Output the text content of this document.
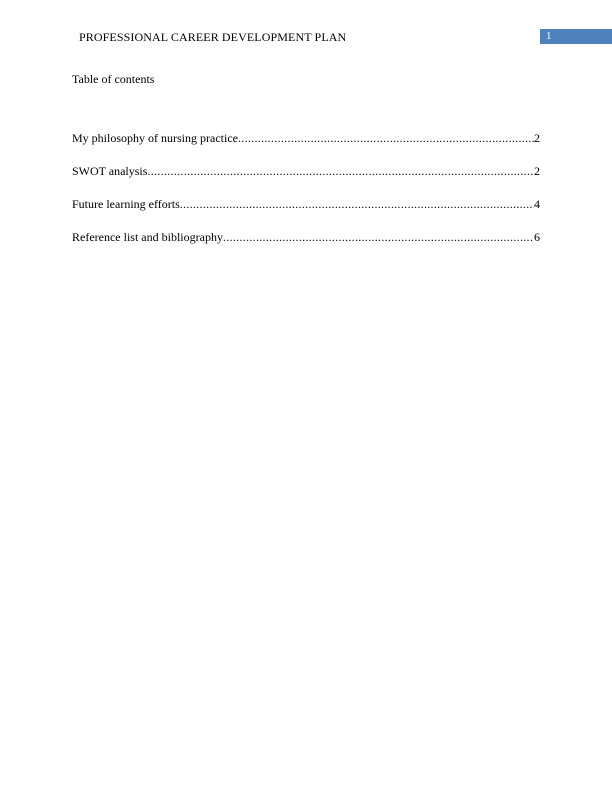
PROFESSIONAL CAREER DEVELOPMENT PLAN	1
Table of contents
My philosophy of nursing practice .....	2
SWOT analysis .....	2
Future learning efforts .....	4
Reference list and bibliography .....	6
